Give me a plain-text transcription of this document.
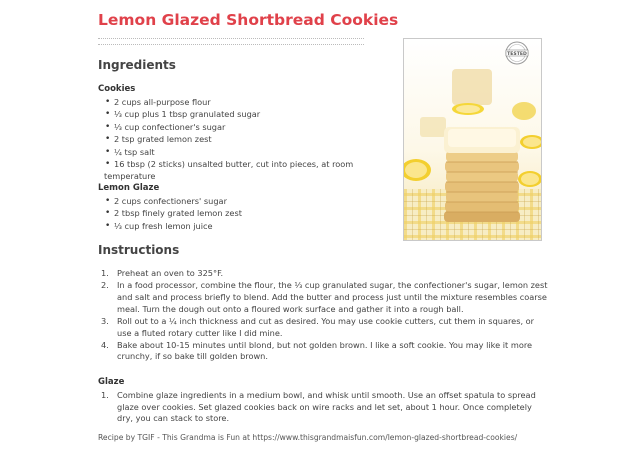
Lemon Glazed Shortbread Cookies
Ingredients
Cookies
• 2 cups all-purpose flour
• ⅓ cup plus 1 tbsp granulated sugar
• ⅓ cup confectioner's sugar
• 2 tsp grated lemon zest
• ¼ tsp salt
• 16 tbsp (2 sticks) unsalted butter, cut into pieces, at room
temperature
Lemon Glaze
• 2 cups confectioners' sugar
• 2 tbsp finely grated lemon zest
• ⅓ cup fresh lemon juice
Instructions
1. Preheat an oven to 325°F.
2. In a food processor, combine the flour, the ⅓ cup granulated sugar, the confectioner's sugar, lemon zest and salt and process briefly to blend. Add the butter and process just until the mixture resembles coarse meal. Turn the dough out onto a floured work surface and gather it into a rough ball.
3. Roll out to a ¼ inch thickness and cut as desired. You may use cookie cutters, cut them in squares, or use a fluted rotary cutter like I did mine.
4. Bake about 10-15 minutes until blond, but not golden brown. I like a soft cookie. You may like it more crunchy, if so bake till golden brown.
Glaze
1. Combine glaze ingredients in a medium bowl, and whisk until smooth. Use an offset spatula to spread glaze over cookies. Set glazed cookies back on wire racks and let set, about 1 hour. Once completely dry, you can stack to store.
TESTED
Recipe by TGIF - This Grandma is Fun at https://www.thisgrandmaisfun.com/lemon-glazed-shortbread-cookies/
